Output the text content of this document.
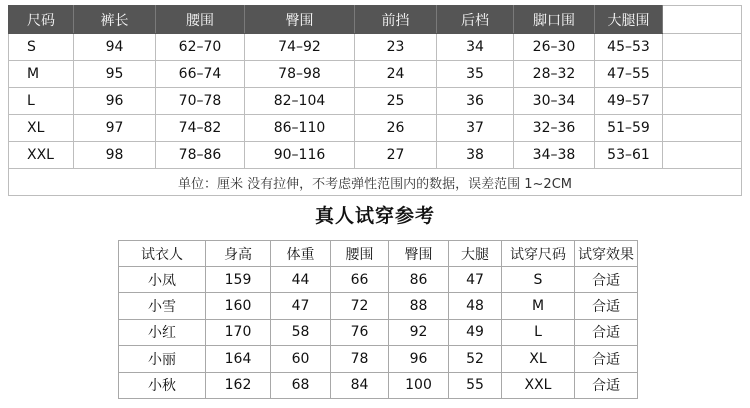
尺码	裤长	腰围	臀围	前挡	后档	脚口围	大腿围	
S	94	62–70	74–92	23	34	26–30	45–53	
M	95	66–74	78–98	24	35	28–32	47–55	
L	96	70–78	82–104	25	36	30–34	49–57	
XL	97	74–82	86–110	26	37	32–36	51–59	
XXL	98	78–86	90–116	27	38	34–38	53–61	
单位：厘米 没有拉伸，不考虑弹性范围内的数据，误差范围 1~2CM								
真人试穿参考
试衣人	身高	体重	腰围	臀围	大腿	试穿尺码	试穿效果
小凤	159	44	66	86	47	S	合适
小雪	160	47	72	88	48	M	合适
小红	170	58	76	92	49	L	合适
小丽	164	60	78	96	52	XL	合适
小秋	162	68	84	100	55	XXL	合适
